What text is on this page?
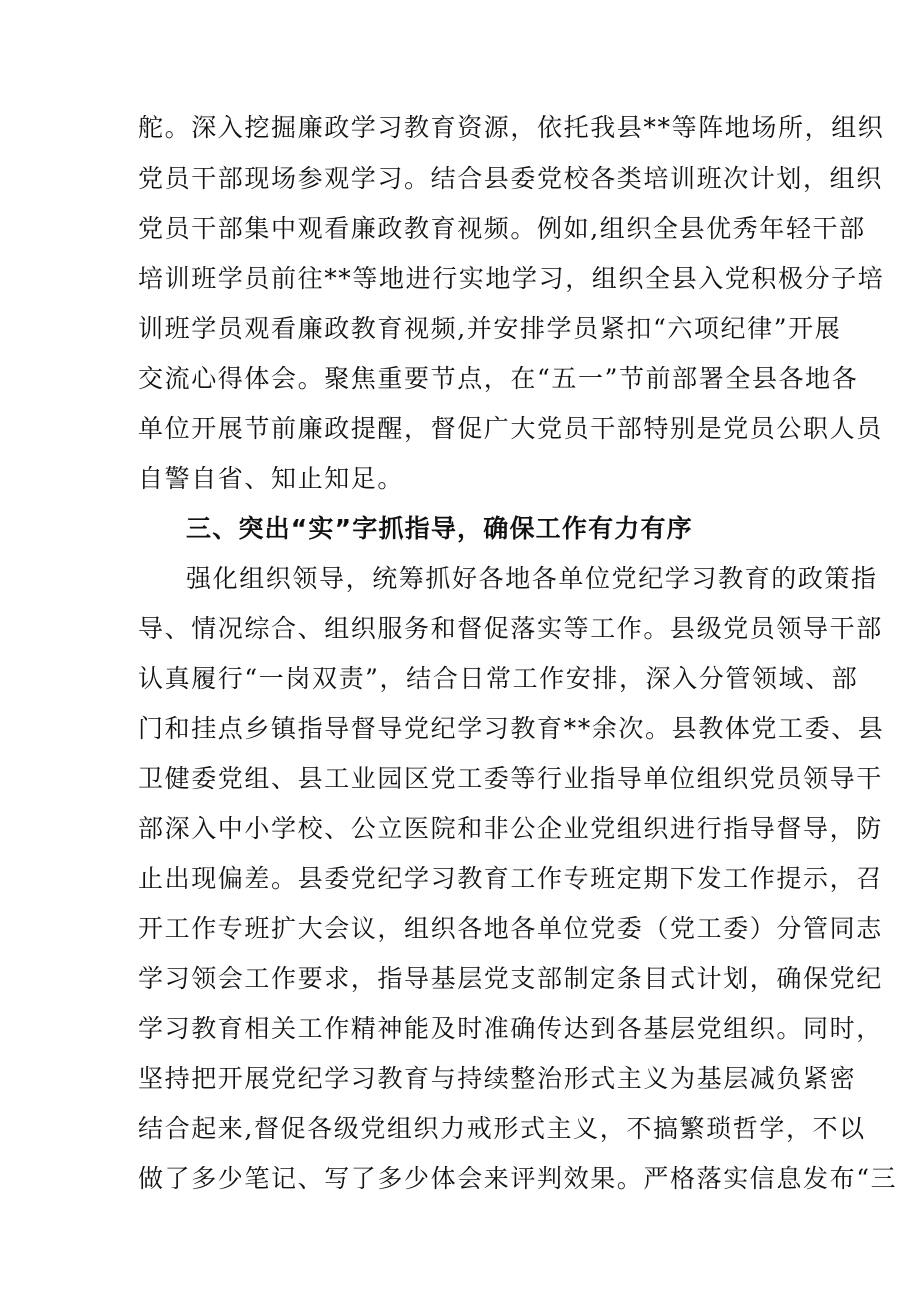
舵。深入挖掘廉政学习教育资源，依托我县**等阵地场所，组织
党员干部现场参观学习。结合县委党校各类培训班次计划，组织
党员干部集中观看廉政教育视频。例如,组织全县优秀年轻干部
培训班学员前往**等地进行实地学习，组织全县入党积极分子培
训班学员观看廉政教育视频,并安排学员紧扣“六项纪律”开展
交流心得体会。聚焦重要节点，在“五一”节前部署全县各地各
单位开展节前廉政提醒，督促广大党员干部特别是党员公职人员
自警自省、知止知足。
三、突出“实”字抓指导，确保工作有力有序
强化组织领导，统筹抓好各地各单位党纪学习教育的政策指
导、情况综合、组织服务和督促落实等工作。县级党员领导干部
认真履行“一岗双责”，结合日常工作安排，深入分管领域、部
门和挂点乡镇指导督导党纪学习教育**余次。县教体党工委、县
卫健委党组、县工业园区党工委等行业指导单位组织党员领导干
部深入中小学校、公立医院和非公企业党组织进行指导督导，防
止出现偏差。县委党纪学习教育工作专班定期下发工作提示，召
开工作专班扩大会议，组织各地各单位党委（党工委）分管同志
学习领会工作要求，指导基层党支部制定条目式计划，确保党纪
学习教育相关工作精神能及时准确传达到各基层党组织。同时，
坚持把开展党纪学习教育与持续整治形式主义为基层减负紧密
结合起来,督促各级党组织力戒形式主义，不搞繁琐哲学，不以
做了多少笔记、写了多少体会来评判效果。严格落实信息发布“三
